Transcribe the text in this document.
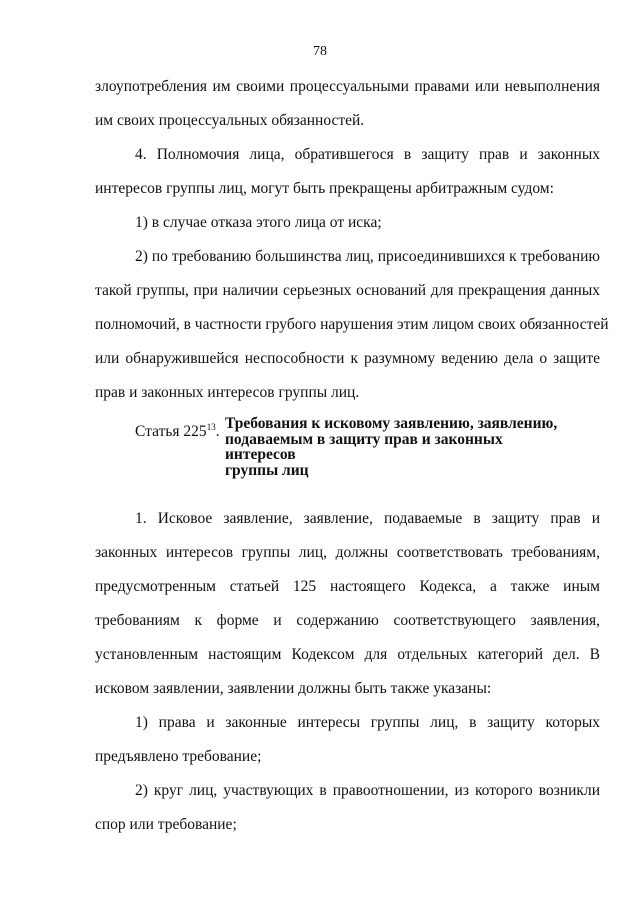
78
злоупотребления им своими процессуальными правами или невыполнения
им своих процессуальных обязанностей.
4. Полномочия лица, обратившегося в защиту прав и законных
интересов группы лиц, могут быть прекращены арбитражным судом:
1) в случае отказа этого лица от иска;
2) по требованию большинства лиц, присоединившихся к требованию
такой группы, при наличии серьезных оснований для прекращения данных
полномочий, в частности грубого нарушения этим лицом своих обязанностей
или обнаружившейся неспособности к разумному ведению дела о защите
прав и законных интересов группы лиц.
Статья $225^{13}$. Требования к исковому заявлению, заявлению,
подаваемым в защиту прав и законных интересов
группы лиц
1. Исковое заявление, заявление, подаваемые в защиту прав и
законных интересов группы лиц, должны соответствовать требованиям,
предусмотренным статьей 125 настоящего Кодекса, а также иным
требованиям к форме и содержанию соответствующего заявления,
установленным настоящим Кодексом для отдельных категорий дел. В
исковом заявлении, заявлении должны быть также указаны:
1) права и законные интересы группы лиц, в защиту которых
предъявлено требование;
2) круг лиц, участвующих в правоотношении, из которого возникли
спор или требование;
